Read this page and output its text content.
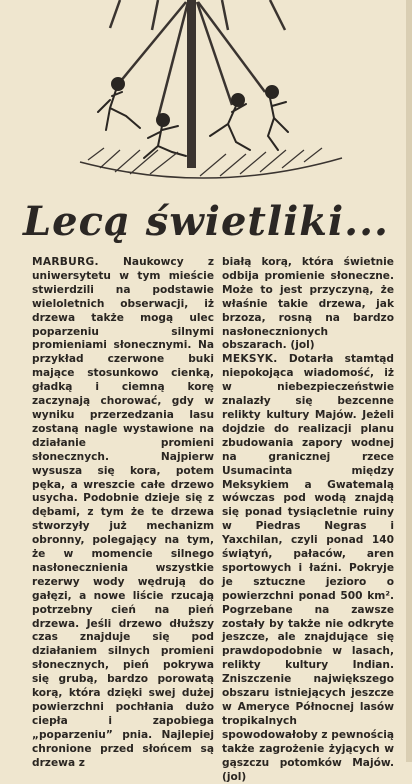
Lecą świetliki...

MARBURG. Naukowcy z uniwersytetu w tym mieście stwierdzili na podstawie wieloletnich obserwacji, iż drzewa także mogą ulec poparzeniu silnymi promieniami słonecznymi. Na przykład czerwone buki mające stosunkowo cienką, gładką i ciemną korę zaczynają chorować, gdy w wyniku przerzedzania lasu zostaną nagle wystawione na działanie promieni słonecznych. Najpierw wysusza się kora, potem pęka, a wreszcie całe drzewo usycha. Podobnie dzieje się z dębami, z tym że te drzewa stworzyły już mechanizm obronny, polegający na tym, że w momencie silnego nasłonecznienia wszystkie rezerwy wody wędrują do gałęzi, a nowe liście rzucają potrzebny cień na pień drzewa. Jeśli drzewo dłuższy czas znajduje się pod działaniem silnych promieni słonecznych, pień pokrywa się grubą, bardzo porowatą korą, która dzięki swej dużej powierzchni pochłania dużo ciepła i zapobiega „poparzeniu” pnia. Najlepiej chronione przed słońcem są drzewa z

białą korą, która świetnie odbija promienie słoneczne. Może to jest przyczyną, że właśnie takie drzewa, jak brzoza, rosną na bardzo nasłonecznionych obszarach. (jol)

MEKSYK. Dotarła stamtąd niepokojąca wiadomość, iż w niebezpieczeństwie znalazły się bezcenne relikty kultury Majów. Jeżeli dojdzie do realizacji planu zbudowania zapory wodnej na granicznej rzece Usumacinta między Meksykiem a Gwatemalą wówczas pod wodą znajdą się ponad tysiącletnie ruiny w Piedras Negras i Yaxchilan, czyli ponad 140 świątyń, pałaców, aren sportowych i łaźni. Pokryje je sztuczne jezioro o powierzchni ponad 500 km². Pogrzebane na zawsze zostały by także nie odkryte jeszcze, ale znajdujące się prawdopodobnie w lasach, relikty kultury Indian. Zniszczenie największego obszaru istniejących jeszcze w Ameryce Północnej lasów tropikalnych spowodowałoby z pewnością także zagrożenie żyjących w gąszczu potomków Majów. (jol)
